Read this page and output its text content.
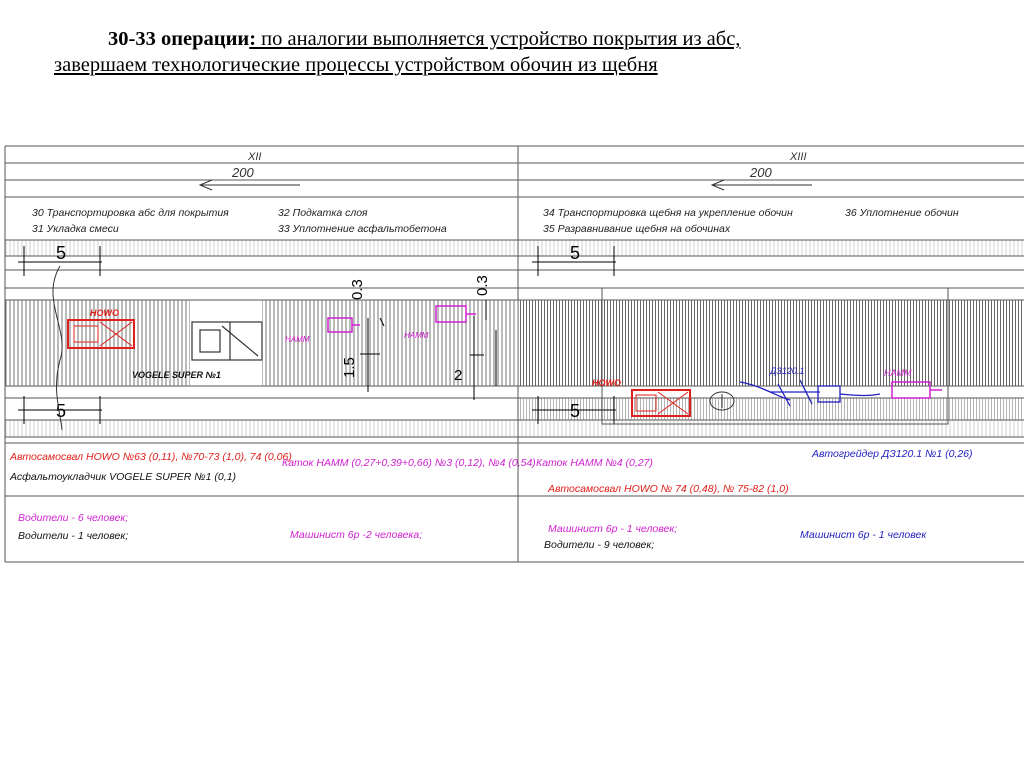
30-33 операции: по аналогии выполняется устройство покрытия из абс,
завершаем технологические процессы устройством обочин из щебня
XII	XIII
200	200
30 Транспортировка абс для покрытия
31 Укладка смеси
32 Подкатка слоя
33 Уплотнение асфальтобетона
34 Транспортировка щебня на укрепление обочин
35 Разравнивание щебня на обочинах
36 Уплотнение обочин
5
5
5
5
0.3	0.3
1.5	2
HOWO
VOGELE SUPER №1
HAMM	HAMM
HOWO
ДЗ120.1	HAMM
Автосамосвал HOWO №63 (0,11), №70-73 (1,0), 74 (0,06)
Асфальтоукладчик VOGELE SUPER №1 (0,1)
Водители - 6 человек;
Водители - 1 человек;
Каток HAMM (0,27+0,39+0,66) №3 (0,12), №4 (0,54)
Машинист 6р -2 человека;
Каток HAMM №4 (0,27)
Автосамосвал HOWO № 74 (0,48), № 75-82 (1,0)
Автогрейдер ДЗ120.1 №1 (0,26)
Машинист 6р - 1 человек;
Водители - 9 человек;
Машинист 6р - 1 человек
